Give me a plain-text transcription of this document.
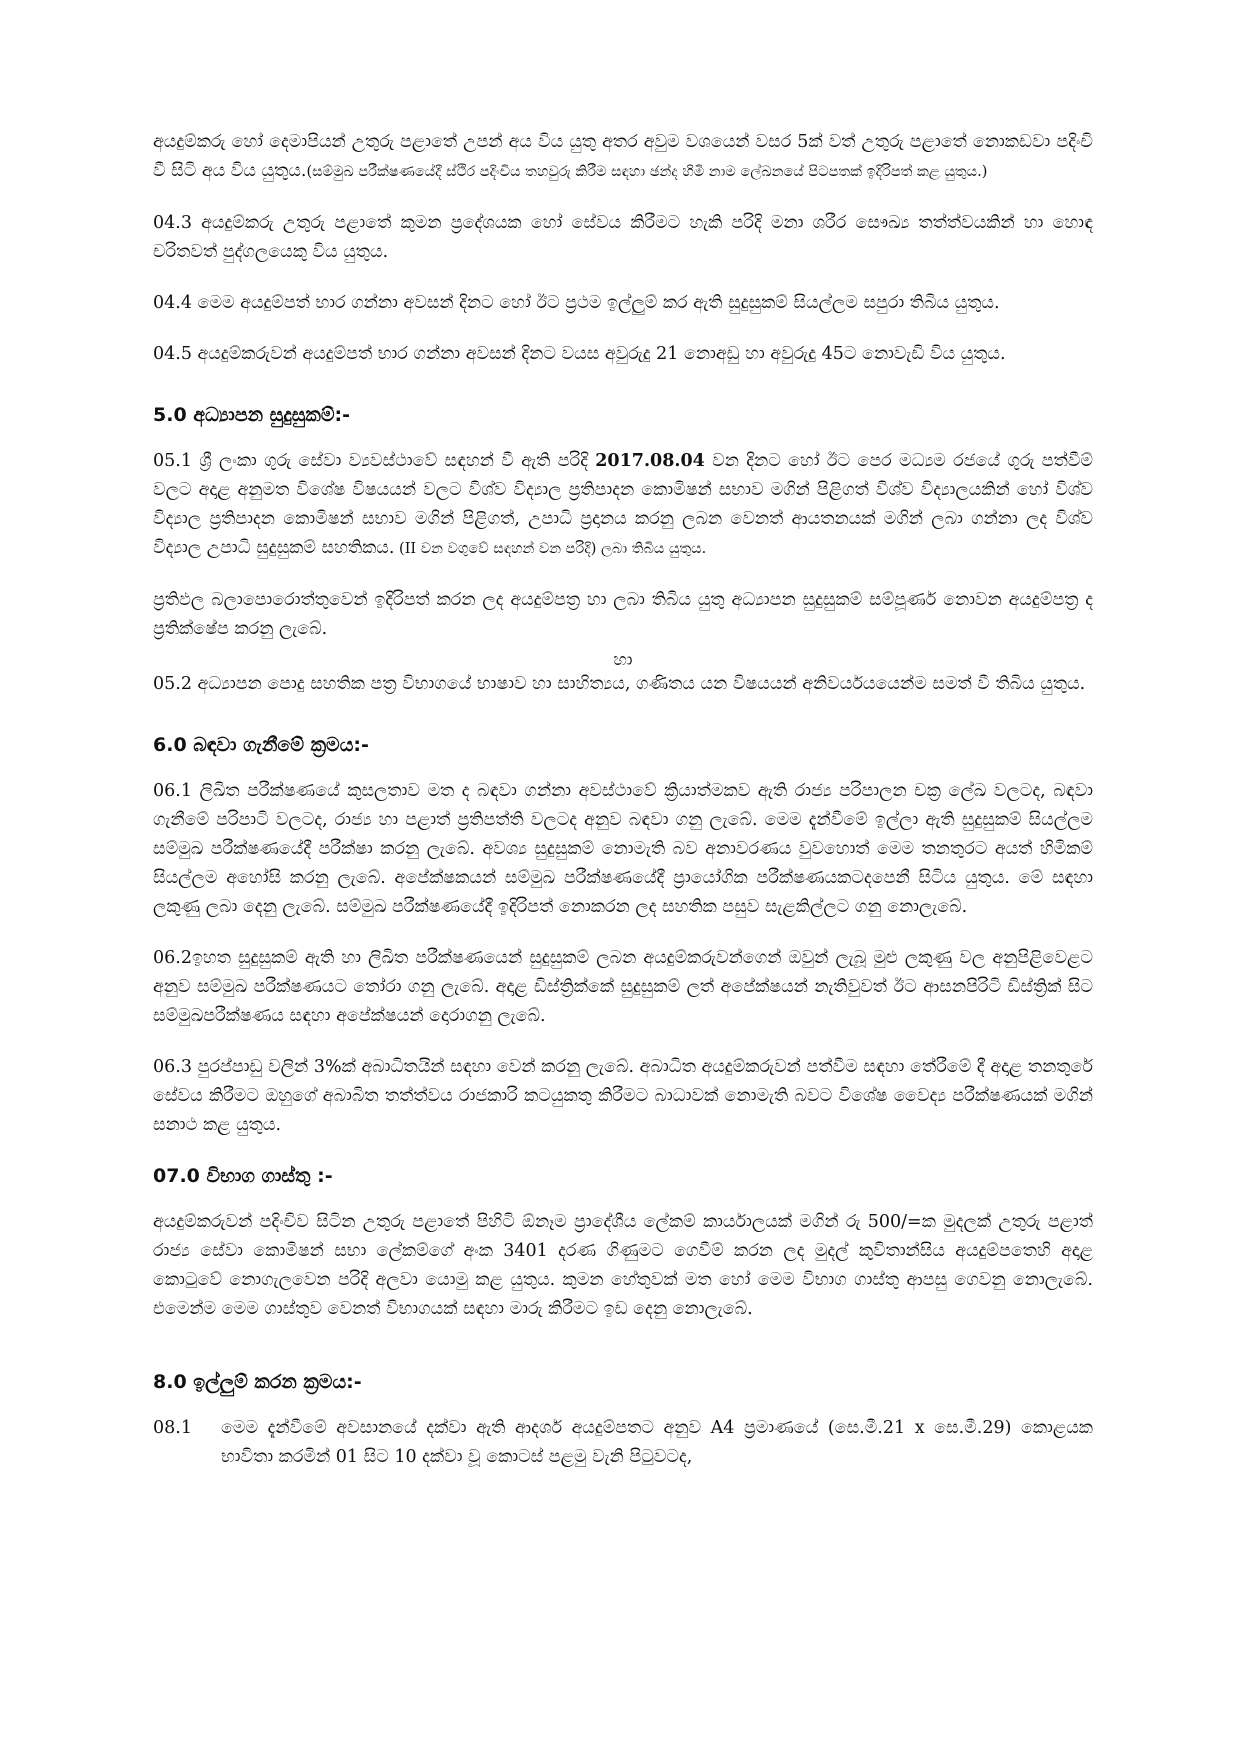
අයදුම්කරු හෝ දෙමාපියන් උතුරු පළාතේ උපන් අය විය යුතු අතර අවුම වශයෙන් වසර 5ක් වත් උතුරු පළාතේ නොකඩවා පදිංචි වී සිටි අය විය යුතුය.(සම්මුඛ පරීක්ෂණයේදී ස්ථිර පදිංචිය තහවුරු කිරීම සඳහා ඡන්ද හිමි නාම ලේඛනයේ පිටපතක් ඉදිරිපත් කළ යුතුය.)

04.3 අයදුම්කරු උතුරු පළාතේ කුමන ප්‍රදේශයක හෝ සේවය කිරීමට හැකි පරිදි මනා ශරීර සෞඛ්‍ය තත්ත්වයකින් හා හොඳ චරිතවත් පුද්ගලයෙකු විය යුතුය.

04.4 මෙම අයදුම්පත් භාර ගන්නා අවසන් දිනට හෝ ඊට ප්‍රථම ඉල්ලුම් කර ඇති සුදුසුකම් සියල්ලම සපුරා තිබිය යුතුය.

04.5 අයදුම්කරුවන් අයදුම්පත් භාර ගන්නා අවසන් දිනට වයස අවුරුදු 21 නොඅඩු හා අවුරුදු 45ට නොවැඩි විය යුතුය.

5.0 අධ්‍යාපන සුදුසුකම්:-

05.1 ශ්‍රී ලංකා ගුරු සේවා ව්‍යවස්ථාවේ සඳහන් වී ඇති පරිදි 2017.08.04 වන දිනට හෝ ඊට පෙර මධ්‍යම රජයේ ගුරු පත්වීම් වලට අදාළ අනුමත විශේෂ විෂයයන් වලට විශ්ව විද්‍යාල ප්‍රතිපාදන කොමිෂන් සභාව මගින් පිළිගත් විශ්ව විද්‍යාලයකින් හෝ විශ්ව විද්‍යාල ප්‍රතිපාදන කොමිෂන් සභාව මගින් පිළිගත්, උපාධි ප්‍රදානය කරනු ලබන වෙනත් ආයතනයක් මගින් ලබා ගන්නා ලද විශ්ව විද්‍යාල උපාධි සුදුසුකම් සහතිකය. (II වන වගුවේ සඳහන් වන පරිදි) ලබා තිබිය යුතුය.

ප්‍රතිඵල බලාපොරොත්තුවෙන් ඉදිරිපත් කරන ලද අයදුම්පත්‍ර හා ලබා තිබිය යුතු අධ්‍යාපන සුදුසුකම් සම්පූර්ණ නොවන අයදුම්පත්‍ර ද ප්‍රතික්ෂේප කරනු ලැබේ.

හා

05.2 අධ්‍යාපන පොදු සහතික පත්‍ර විභාගයේ භාෂාව හා සාහිත්‍යය, ගණිතය යන විෂයයන් අනිවර්යයයෙන්ම සමත් වී තිබිය යුතුය.

6.0 බඳවා ගැනීමේ ක්‍රමය:-

06.1 ලිඛිත පරීක්ෂණයේ කුසලතාව මත ද බඳවා ගන්නා අවස්ථාවේ ක්‍රියාත්මකව ඇති රාජ්‍ය පරිපාලන චක්‍ර ලේඛ වලටද, බඳවා ගැනීමේ පරිපාටි වලටද, රාජ්‍ය හා පළාත් ප්‍රතිපත්ති වලටද අනුව බඳවා ගනු ලැබේ. මෙම දැන්වීමේ ඉල්ලා ඇති සුදුසුකම් සියල්ලම සම්මුඛ පරීක්ෂණයේදී පරීක්ෂා කරනු ලැබේ. අවශ්‍ය සුදුසුකම් නොමැති බව අනාවරණය වුවහොත් මෙම තනතුරට අයත් හිමිකම් සියල්ලම අහෝසි කරනු ලැබේ. අපේක්ෂකයන් සම්මුඛ පරීක්ෂණයේදී ප්‍රායෝගික පරීක්ෂණයකටදපෙනී සිටිය යුතුය. මේ සඳහා ලකුණු ලබා දෙනු ලැබේ. සම්මුඛ පරීක්ෂණයේදී ඉදිරිපත් නොකරන ලද සහතික පසුව සැළකිල්ලට ගනු නොලැබේ.

06.2ඉහත සුදුසුකම් ඇති හා ලිඛිත පරීක්ෂණයෙන් සුදුසුකම් ලබන අයදුම්කරුවන්ගෙන් ඔවුන් ලැබූ මුළු ලකුණු වල අනුපිළිවෙළට අනුව සම්මුඛ පරීක්ෂණයට තෝරා ගනු ලැබේ. අදාළ ඩිස්ත්‍රික්කේ සුදුසුකම් ලත් අපේක්ෂයන් නැතිවුවත් ඊට ආසනපිරිටි ඩිස්ත්‍රික් සිට සම්මුඛපරීක්ෂණය සඳහා අපේක්ෂයන් දොරාගනු ලැබේ.

06.3 පුරප්පාඩු වලින් 3%ක් අබාධිතයින් සඳහා වෙන් කරනු ලැබේ. අබාධිත අයදුම්කරුවන් පත්වීම සඳහා තේරීමේ දී අදාළ තනතුරේ සේවය කිරීමට ඔහුගේ අබාබිත තත්ත්වය රාජකාරි කටයුකතු කිරීමට බාධාවක් නොමැති බවට විශේෂ වෛද්‍ය පරීක්ෂණයක් මගින් සනාථ කළ යුතුය.

07.0 විභාග ගාස්තු :-

අයදුම්කරුවන් පදිංචිව සිටින උතුරු පළාතේ පිහිටි ඕනෑම ප්‍රාදේශීය ලේකම් කාර්යාලයක් මගින් රු 500/=ක මුදලක් උතුරු පළාත් රාජ්‍ය සේවා කොමිෂන් සභා ලේකම්ගේ අංක 3401 දරණ ගිණුමට ගෙවීම් කරන ලද මුදල් කුවිතාන්සිය අයදුම්පතෙහි අදාළ කොටුවේ නොගැලවෙන පරිදි අලවා යොමු කළ යුතුය. කුමන හේතුවක් මත හෝ මෙම විභාග ගාස්තු ආපසු ගෙවනු නොලැබේ. එමෙන්ම මෙම ගාස්තුව වෙනත් විභාගයක් සඳහා මාරු කිරීමට ඉඩ දෙනු නොලැබේ.

8.0 ඉල්ලුම් කරන ක්‍රමය:-
08.1	මෙම දැන්වීමේ අවසානයේ දක්වා ඇති ආදර්ශ අයදුම්පතට අනුව A4 ප්‍රමාණයේ (සෙ.මී.21 x සෙ.මී.29) කොළයක භාවිතා කරමින් 01 සිට 10 දක්වා වූ කොටස් පළමු වැනි පිටුවටද,
